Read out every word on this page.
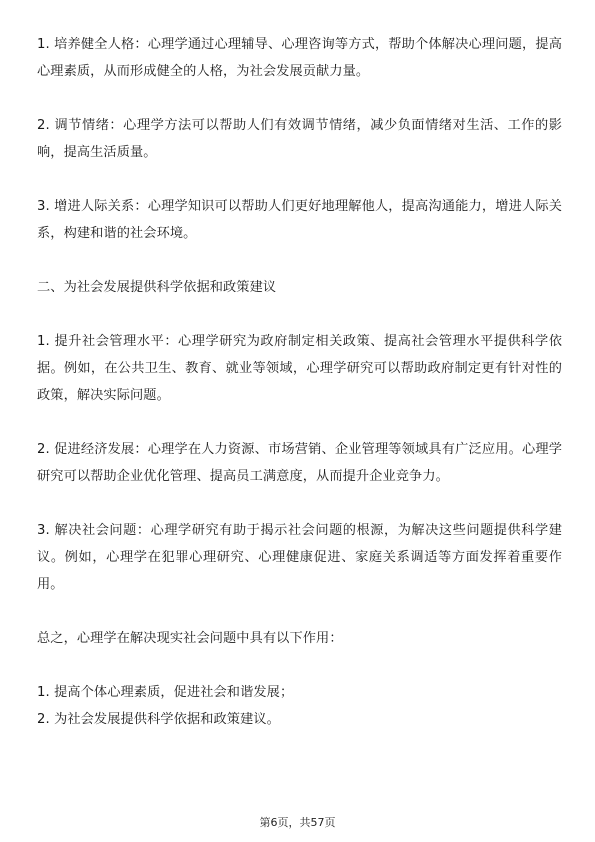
1. 培养健全人格：心理学通过心理辅导、心理咨询等方式，帮助个体解决心理问题，提高心理素质，从而形成健全的人格，为社会发展贡献力量。

2. 调节情绪：心理学方法可以帮助人们有效调节情绪，减少负面情绪对生活、工作的影响，提高生活质量。

3. 增进人际关系：心理学知识可以帮助人们更好地理解他人，提高沟通能力，增进人际关系，构建和谐的社会环境。

二、为社会发展提供科学依据和政策建议

1. 提升社会管理水平：心理学研究为政府制定相关政策、提高社会管理水平提供科学依据。例如，在公共卫生、教育、就业等领域，心理学研究可以帮助政府制定更有针对性的政策，解决实际问题。

2. 促进经济发展：心理学在人力资源、市场营销、企业管理等领域具有广泛应用。心理学研究可以帮助企业优化管理、提高员工满意度，从而提升企业竞争力。

3. 解决社会问题：心理学研究有助于揭示社会问题的根源，为解决这些问题提供科学建议。例如，心理学在犯罪心理研究、心理健康促进、家庭关系调适等方面发挥着重要作用。

总之，心理学在解决现实社会问题中具有以下作用：

1. 提高个体心理素质，促进社会和谐发展；

2. 为社会发展提供科学依据和政策建议。

第6页，共57页
